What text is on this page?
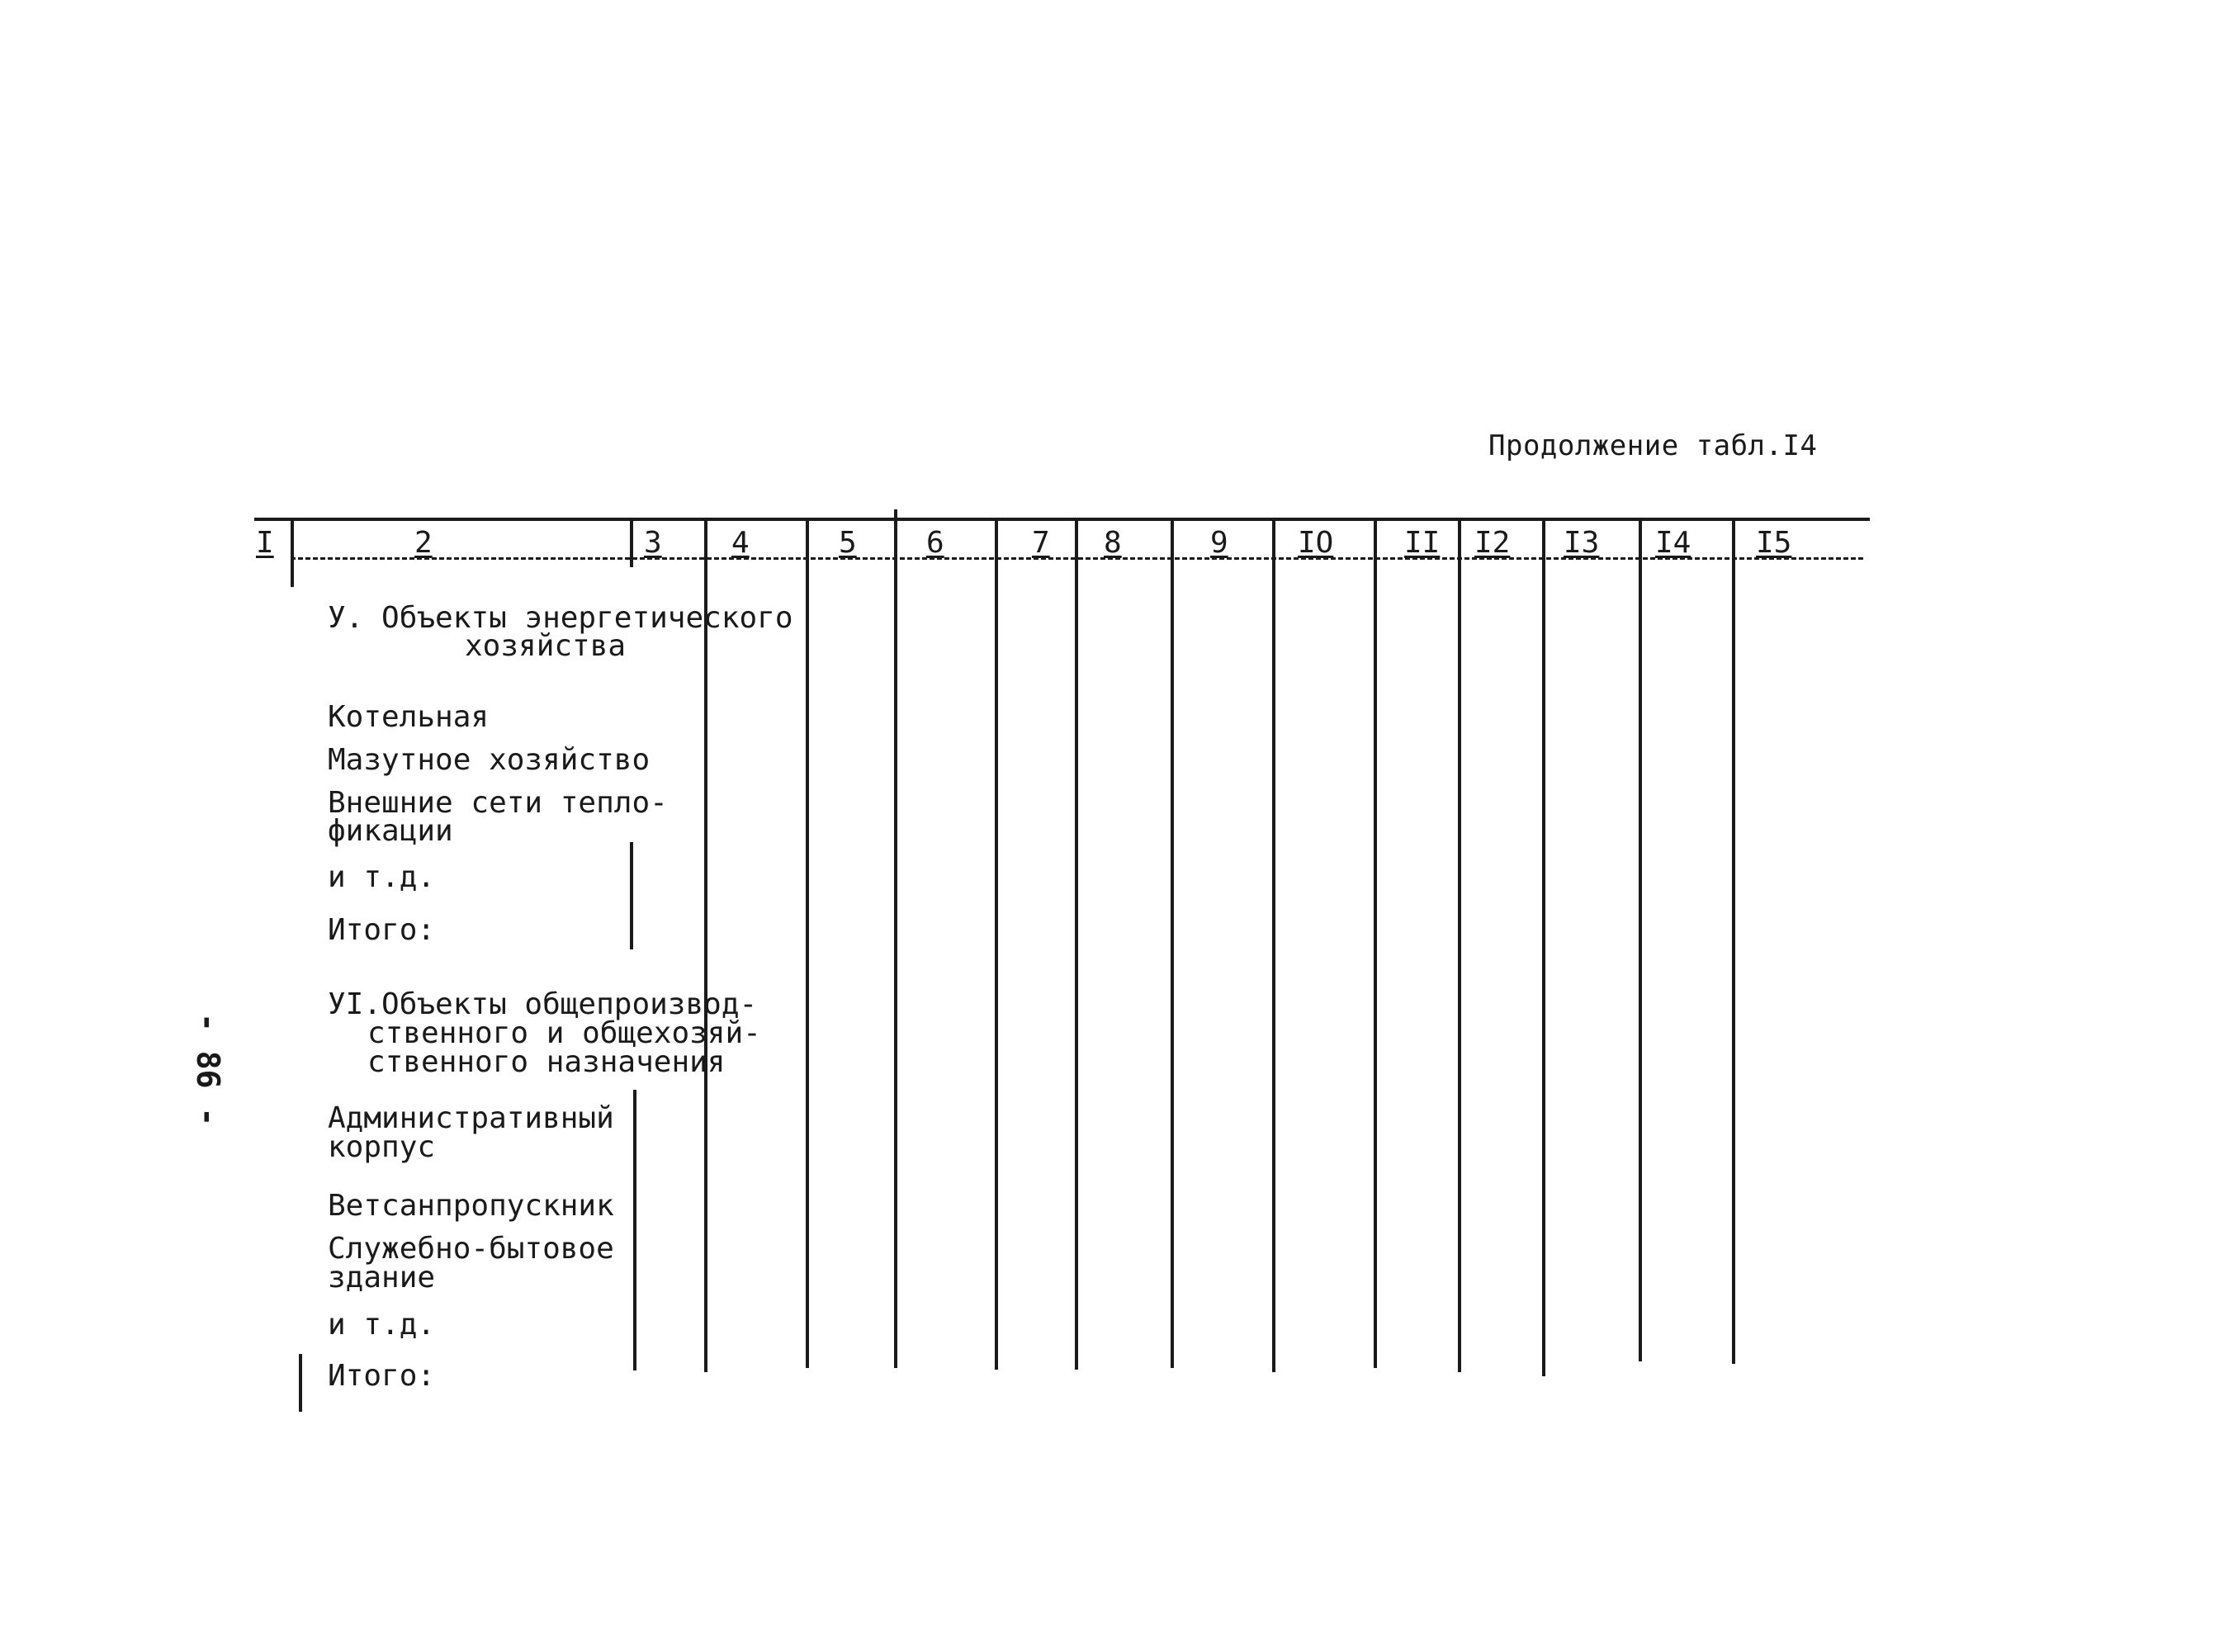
Продолжение табл.I4
- 86 -
I	2	3 4	5 6	7 8	9 IO II I2 I3 I4 I5
У. Объекты энергетического
хозяйства
Котельная
Мазутное хозяйство
Внешние сети тепло-
фикации
и т.д.
Итого:
УI.Объекты общепроизвод-
ственного и общехозяй-
ственного назначения
Административный
корпус
Ветсанпропускник
Служебно-бытовое
здание
и т.д.
Итого:
